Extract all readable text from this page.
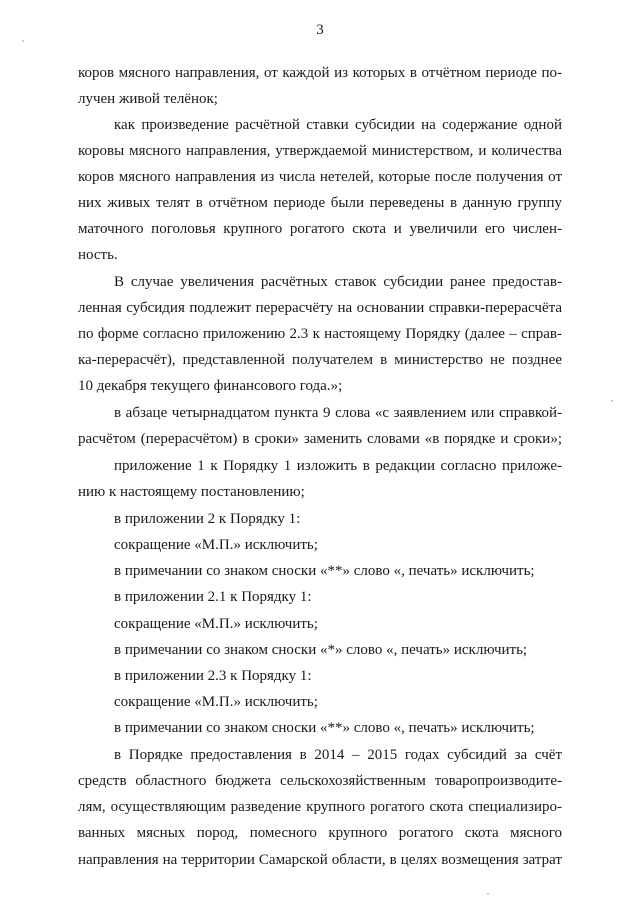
3
коров мясного направления, от каждой из которых в отчётном периоде по-
лучен живой телёнок;
как произведение расчётной ставки субсидии на содержание одной
коровы мясного направления, утверждаемой министерством, и количества
коров мясного направления из числа нетелей, которые после получения от
них живых телят в отчётном периоде были переведены в данную группу
маточного поголовья крупного рогатого скота и увеличили его числен-
ность.
В случае увеличения расчётных ставок субсидии ранее предостав-
ленная субсидия подлежит перерасчёту на основании справки-перерасчёта
по форме согласно приложению 2.3 к настоящему Порядку (далее – справ-
ка-перерасчёт), представленной получателем в министерство не позднее
10 декабря текущего финансового года.»;
в абзаце четырнадцатом пункта 9 слова «с заявлением или справкой-
расчётом (перерасчётом) в сроки» заменить словами «в порядке и сроки»;
приложение 1 к Порядку 1 изложить в редакции согласно приложе-
нию к настоящему постановлению;
в приложении 2 к Порядку 1:
сокращение «М.П.» исключить;
в примечании со знаком сноски «**» слово «, печать» исключить;
в приложении 2.1 к Порядку 1:
сокращение «М.П.» исключить;
в примечании со знаком сноски «*» слово «, печать» исключить;
в приложении 2.3 к Порядку 1:
сокращение «М.П.» исключить;
в примечании со знаком сноски «**» слово «, печать» исключить;
в Порядке предоставления в 2014 – 2015 годах субсидий за счёт
средств областного бюджета сельскохозяйственным товаропроизводите-
лям, осуществляющим разведение крупного рогатого скота специализиро-
ванных мясных пород, помесного крупного рогатого скота мясного
направления на территории Самарской области, в целях возмещения затрат
